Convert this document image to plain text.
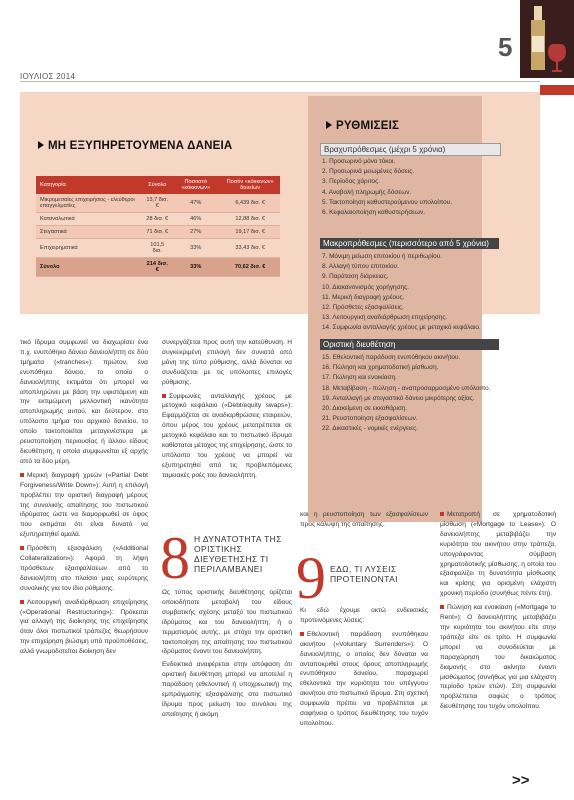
5
ΙΟΥΛΙΟΣ 2014
ΜΗ ΕΞΥΠΗΡΕΤΟΥΜΕΝΑ ΔΑΝΕΙΑ
Κατηγορία	Σύνολο	Ποσοστό «κόκκινων»	Ποσόν «κόκκινων» δανείων
Μικρομεσαίες επιχειρήσεις - ελεύθεροι επαγγελματίες	13,7 δισ. €	47%	6,439 δισ. €
Καταναλωτικά	28 δισ. €	46%	12,88 δισ. €
Στεγαστικά	71 δισ. €	27%	19,17 δισ. €
Επιχειρηματικά	101,5 δισ.	33%	33,43 δισ. €
Σύνολο	214 δισ. €	33%	70,62 δισ. €
ΡΥΘΜΙΣΕΙΣ
Βραχυπρόθεσμες (μέχρι 5 χρόνια)
1. Προσωρινό μόνο τόκοι.
2. Προσωρινά μειωμένες δόσεις.
3. Περίοδος χάριτος.
4. Αναβολή πληρωμής δόσεων.
5. Τακτοποίηση καθυστερούμενου υπολοίπου.
6. Κεφαλαιοποίηση καθυστερήσεων.
Μακροπρόθεσμες (περισσότερο από 5 χρόνια)
7. Μόνιμη μείωση επιτοκίου ή περιθωρίου.
8. Αλλαγή τύπου επιτοκίου.
9. Παράταση διάρκειας.
10. Διακανονισμός χορήγησης.
11. Μερική διαγραφή χρέους.
12. Πρόσθετες εξασφαλίσεις.
13. Λειτουργική αναδιάρθρωση επιχείρησης.
14. Συμφωνία ανταλλαγής χρέους με μετοχικό κεφάλαιο.
Οριστική διευθέτηση
15. Εθελοντική παράδοση ενυπόθηκου ακινήτου.
16. Πώληση και χρηματοδοτική μίσθωση.
17. Πώληση και ενοικίαση.
18. Μεταβίβαση - πώληση - αναπροσαρμοσμένο υπόλοιπο.
19. Ανταλλαγή με στεγαστικό δάνειο μικρότερης αξίας.
20. Διακείμενη σε εκκαθάριση.
21. Ρευστοποίηση εξασφαλίσεων.
22. Δικαστικές - νομικές ενέργειες.

τικό ίδρυμα συμφωνεί να διαχωρίσει ένα π.χ. ενυπόθηκο δάνειο δανειολήπτη σε δύο τμήματα («tranches»): πρώτον, ένα ενυπόθηκο δάνειο, το οποίο ο δανειολήπτης εκτιμάται ότι μπορεί να αποπληρώνει με βάση την υφιστάμενη και την εκτιμώμενη μελλοντική ικανότητα αποπληρωμής αυτού, και δεύτερον, στο υπόλοιπο τμήμα του αρχικού δανείου, το οποίο τακτοποιείται μεταγενέστερα με ρευστοποίηση περιουσίας ή άλλου είδους διευθέτηση, η οποία συμφωνείται εξ αρχής από τα δύο μέρη.

Μερική διαγραφή χρεών («Partial Debt Forgiveness/Write Down»): Αυτή η επιλογή προβλέπει την οριστική διαγραφή μέρους της συνολικής απαίτησης του πιστωτικού ιδρύματος ώστε να διαμορφωθεί σε ύψος που εκτιμάται ότι είναι δυνατό να εξυπηρετηθεί ομαλά.

Πρόσθετη εξασφάλιση («Additional Collateralization»): Αφορά τη λήψη πρόσθετων εξασφαλίσεων από το δανειολήπτη στο πλαίσιο μιας ευρύτερης συνολικής για τον ίδιο ρύθμισης.

Λειτουργική αναδιάρθρωση επιχείρησης («Operational Restructuring»): Πρόκειται για αλλαγή της διοίκησης της επιχείρησης όταν όλοι πιστωτικοί τράπεζες θεωρήσουν την επιχείρηση βιώσιμη υπό προϋποθέσεις, αλλά γνωμοδοτείται διοίκηση δεν

συνεργάζεται προς αυτή την κατεύθυνση. Η συγκεκριμένη επιλογή δεν συνιστά από μόνη της τύπο ρύθμισης, αλλά δύναται να συνδυάζεται με τις υπόλοιπες επιλογές ρύθμισης.

Συμφωνίες ανταλλαγής χρέους με μετοχικό κεφάλαιο («Debt/equity swaps»): Εφαρμόζεται σε αναδιαρθρώσεις εταιρειών, όπου μέρος του χρέους μετατρέπεται σε μετοχικό κεφάλαιο και το πιστωτικό ίδρυμα καθίσταται μέτοχος της επιχείρησης, ώστε το υπόλοιπο του χρέους να μπορεί να εξυπηρετηθεί από τις προβλεπόμενες ταμειακές ροές του δανειολήπτη.

8 Η ΔΥΝΑΤΟΤΗΤΑ ΤΗΣ ΟΡΙΣΤΙΚΗΣ ΔΙΕΥΘΕΤΗΣΗΣ ΤΙ ΠΕΡΙΛΑΜΒΑΝΕΙ

Ως τύπος οριστικής διευθέτησης ορίζεται οποιοδήποτε μεταβολή του είδους συμβατικής σχέσης μεταξύ του πιστωτικού ιδρύματος και του δανειολήπτη, ή ο τερματισμός αυτής, με στόχο την οριστική τακτοποίηση της απαίτησης του πιστωτικού ιδρύματος έναντι του δανειολήπτη.

Ενδεικτικά αναφέρεται στην απόφαση ότι οριστική διευθέτηση μπορεί να αποτελεί η παράδοση (εθελοντική ή υποχρεωτική) της εμπράγματης εξασφάλισης στο πιστωτικό ίδρυμα προς μείωση του συνόλου της απαίτησης ή ακόμη

και η ρευστοποίηση των εξασφαλίσεων προς κάλυψη της απαίτησης.

9 ΕΔΩ, ΤΙ ΛΥΣΕΙΣ ΠΡΟΤΕΙΝΟΝΤΑΙ

Κι εδώ έχουμε οκτώ ενδεικτικές προτεινόμενες λύσεις:

Εθελοντική παράδοση ενυπόθηκου ακινήτου («Voluntary Surrenders»): Ο δανειολήπτης, ο οποίος δεν δύναται να ανταποκριθεί στους όρους αποπληρωμής ενυπόθηκου δανείου, παραχωρεί εθελοντικά την κυριότητα του υπέγγυου ακινήτου στο πιστωτικό ίδρυμα. Στη σχετική συμφωνία πρέπει να προβλέπεται με σαφήνεια ο τρόπος διευθέτησης του τυχόν υπολοίπου.

Μετατροπή σε χρηματοδοτική μίσθωση («Mortgage to Lease»): Ο δανειολήπτης μεταβιβάζει την κυριότητα του ακινήτου στην τράπεζα, υπογράφοντας σύμβαση χρηματοδοτικής μίσθωσης, η οποία του εξασφαλίζει τη δυνατότητα μίσθωσης και κρίσης για ορισμένη ελάχιστη χρονική περίοδο (συνήθως πέντε έτη).

Πώληση και ενοικίαση («Mortgage to Rent»): Ο δανειολήπτης μεταβιβάζει την κυριότητα του ακινήτου είτε στην τράπεζα είτε σε τρίτο. Η συμφωνία μπορεί να συνοδεύεται με παραχώρηση του δικαιώματος διαμονής στο ακίνητο έναντι μισθώματος (συνήθως για μια ελάχιστη περίοδο τριών ετών). Στη συμφωνία προβλέπεται σαφώς ο τρόπος διευθέτησης του τυχόν υπολοίπου.

>>
